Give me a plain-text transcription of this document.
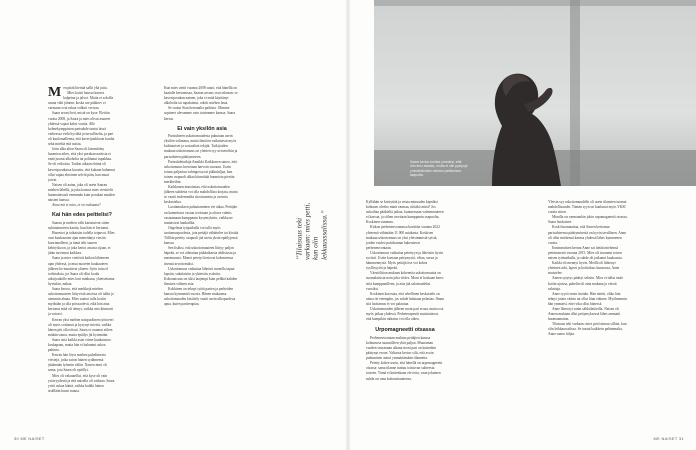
Men pitää hiertää sallii yhä juttu.

Mies kaisti haussa kauvoi kalpeina ja jalvoi. Muita ei sokolla sanna vähi jäinem, koska ure pääkorv ei varmaan ovat rukaa valkuti verwaa.

Saara arvasi heti, mistä on kyse. Elettiin vuotta 2008, ja Saara ja mies olivat asuneet yhdessä vajaat kaksi vuotta. Alle kolmekymppisten parisuhde tuntui tässä vaiheessa vielä hyvältä ja turvalliselta, ja pari oli kuulomalleena, että kaverijoukkoon kuului sekä miehiä että naisia.

Jotin alka alten Saara oli kimmitiiny huomion aihes, että yksi porukan naisista ei enää juonut alkoholia tai polttanut tupakkaa. Se oli erikoista. Taidon aikaan ehtinä oli kaveriporukassa kuvattu, että kukaan halunnut ollut vapaa ehtoinen selviä päin, kun muut joivat.

Naisen oli aaina, joka oli usein Saaran miehen lähellä, ja joka kanssa mies viesittelii huomattavasti enemmän kuin porukan muiden naisten kanssa.

Anna mä et mies, et on raskaana?

Kai hän edes peittelisi?

Saaran ja miehen välit kariutuivat sitten suhtautumisen kautta, kun hän ei kertonut.

Huomiot ja taikaisiin todella toipuvat. Mies ousi kuukausien ajan menettänyt viestin kuorinnalleen, ja tämä teki suuren kehityskoon, ja joka kertoi asiasta sijaan, ei jätän tarvinnut kaikkea.

Saara ja mies viettivät kaikon lähteneen ajan yhdessä, ja mua nuoreen kuukauteen jälkeen he muuttivat yhteen. Syön tuttu ol todistuksia, jot Saara oli ollut koulu uiksijoukolle mies loni minkuna, yhteisettama hyvinkin, mikaa.

Saara kertoo, että merkkejä miehen uskottomuuteen liittyvistä asioista oli tullut jo aiemmin ahuaa. Mies saattoi tulla kotiin myöhään ja olla poissaolevä, eikä hän aina kertonut mitä oli tehnyt, vaikka asia kiinnosti ja vaivasi.

Kerran yksi miehen naispuolinen työtoveri oli myös soittanut ja kysynyt miestä, vaikka hänen piti olla töissä. Saara ei osannut siihen mitään sanoa, mutta epäilys jäi kytemään.

Saara taisi kaikki asiat viime kuukausina koskapaan, mutta hän ei halunnut uskoa pahinta.

Kerran hän löysi miehen puhelimesta viestejä, jotka saivat hänen sydämensä jättämään lyönnin väliin. Naisen nimi oli sama, jota Saara oli epäillyt.

Mies oli vakuutellut, että kyse oli vain ystävyydestä ja että naisella oli vaikeaa. Saara yritti uskoa häntä, vaikka kaikki hänen sisällään huusi muuta.

Kun mies otetti vuonna 2008 sanot, että hänellä on kaatalle kertomisaa, Saaran arvaus osui oikeaan: se kaveriporukan nainen, joka ei enää käyttänyt alkoholia tai tupakoinut, odotti miehen lasta.

Se suotui Sian herranalta paihista. Olimme sopineet olevamme vain toistemme kanssa, Saara kertoo.

Ei vain yksilön asia

Parisuhteen uskottomuudesta puhutaan usein yksilön valintana, mutta ilmiöön vaikuttavat myös kulttuuriset ja sosiaaliset tekijät. Tutkijoiden mukaan uskottomuus on yleinen syy avioeroihin ja parisuhteen päättymiseen.

Parisuhdetutkija Annikki Kaikkonen sanoo, että uskottomuus kerrotaan harvoin suoraan. Usein totuus paljastuu vahingossa tai pikkuhiljaa, kun toinen osapuoli alkaa kiinnittää huomiota pieniin merkkeihin.

Kaikkonen muistuttaa, että uskottomuuden jälkeen suhdetta voi olla mahdollista korjata, mutta se vaatii molemmilta sitoutumista ja avointa keskustelua.

Luottamuksen palauttaminen vie aikaa. Pettäjän on kannettava vastuu teoistaan ja oltava valmis vastaamaan kumppanin kysymyksiin, vaikka ne tuntuisivat hankalilta.

Ongelmia työpaikalla voi tulla myös tuottamuspuolesta, jota pettäjä vähättelee tai kiistää. Tällöin petetty osapuoli jää usein yksin epäilyjensä kanssa.

Sen lisäksi, että uskottomuuteen liittyy paljon häpeää, se voi aiheuttaa pitkäaikaista ahdistusta ja masennusta. Monet petetyt kertovat kokeneensa itsensä arvottomiksi.

Uskottomuus vaikuttaa läheiset monella tapaa: lapsiin, sukulaisiin ja yhteisiin ystäviin. Kokonaisuus on siksi laajempi kuin pelkkä kahden ihmisen välinen asia.

Kokkinen on tehnyt työtä parien ja perheiden kanssa kymmeniä vuosia. Hänen mukaansa uskottomuuden käsittely vaatii usein ulkopuolista apua, kuten pariterapiaa.

”Tilaisuus teki varkaan: mies petti, kun olin lekkausssalissa.”
30 ME NAISET
Saara kertoo kuinka ymmärsi, että hän tiesi asiasta, mutta ei silti pystynyt ymmärtämään miehen pettämisen laajuutta.

Kyllähän se kristyttää ja vesaa minuuden kipeäksi kohtaan: oleeko minä varmaa, riittäkö minä? Jos sukoiltaa pääkieliä jatkaa, kuntaessaan valmentuuteen ei kasvaa, ja siihen tarvitaan kumppanin osapuolta, Koskinen summaa.

Kirkon perheneuvonnassa havittiin vuonna 2022 yhteensä vähintään 11 000 asiakasta. Koskisen mukaan uskottomuus on yksi yleisimmistä syistä, joiden vuoksi pariskunnat hakeutuvat perheneuvontaan.

Uskottomuus vaikuttaa petettyyn ja läheisiin hyvin syvästi. Usein koetaan pettymystä, vihaa, surua ja hämmennystä. Myös pettäjä itse voi kokea syyllisyyttä ja häpeää.

Väestöliiton mukaan kokeneita uskottomuutta on suomalaisista noin joka viides. Moni ei koskaan kerro siitä kumppanilleen, ja asia jää salaisuudeksi vuosiksi.

Koskinen korostaa, että rehellinen keskustelu on ainoa tie eteenpäin, jos suhde halutaan pelastaa. Ilman sitä luottamus ei voi palautua.

Uskottomuuden jälkeen moni pari eroaa, mutta osa myös jatkaa yhdessä. Perheterapeutit muistuttavat, että kumpikin ratkaisu voi olla oikea.

Urpomagneetti otsassa

Perheneuvontaan mahtuu pettäjien kanssa kolmasosa suunnilleen yhtä paljon. Muutaman vuoden seurannan aikana moni pari on kuitenkin päätynyt eroon. Valtaosa kertoo silti, että avoin puhuminen auttoi ymmärtämään tilannetta.

Petetty kokee usein, että hänellä on urpomagneetti otsassa: sama tilanne tuntuu toistuvan suhteesta toiseen. Tämä ei kuitenkaan ole totta, vaan jokainen suhde on oma kokonaisuutensa.

Yleisin syy uskottomuudelle oli usein tilanteen tuomat mahdollisuudet, Tämän syyn on kuulunut myös YKSI vuotta sitten.

Minulla on varmaankin jokin urpomagneetti otsassa, Saara huokaisee.

Koski huomauttaa, että Annen kertomus parisuhteensa päättymisestä on hyvin tavallinen. Anne oli ollut miehensä kanssa yhdessä lähes kymmenen vuotta.

Ensimmäisen kerran Anne sai tietää miehensä pettämisestä vuonna 2015. Mies oli tavannut toisen naisen työmatkalla, ja suhde oli jatkunut kuukausia.

Kaikki oli mennyt hyvin. Meillä oli lähtenyt yhteinen arki, lapset ja kotitalous kunnossa, Anne muistelee.

Annen sytytys päättyi seksiin. Mies ei tullut enää kotiin ajoissa, puhelin oli aina mukana ja viestit salattuja.

Anne syytti ensin itseään. Hän mietti, oliko hän tehnyt jotain väärin tai ollut liian etäinen. Myöhemmin hän ymmärsi, ettei vika ollut hänessä.

Anne liberoiyi sanin sähkölaitteilla. Naisen oli Annen mukaan ollut pettymyksessä lähes ammatti huomaamaton.

Tilaisuus teki varkaan: mies petti minua silloin, kun olin leikkaussalissa. Se tuntui kaikkein pahimmalta, Anne sanoo hiljaa.

ME NAISET 31
